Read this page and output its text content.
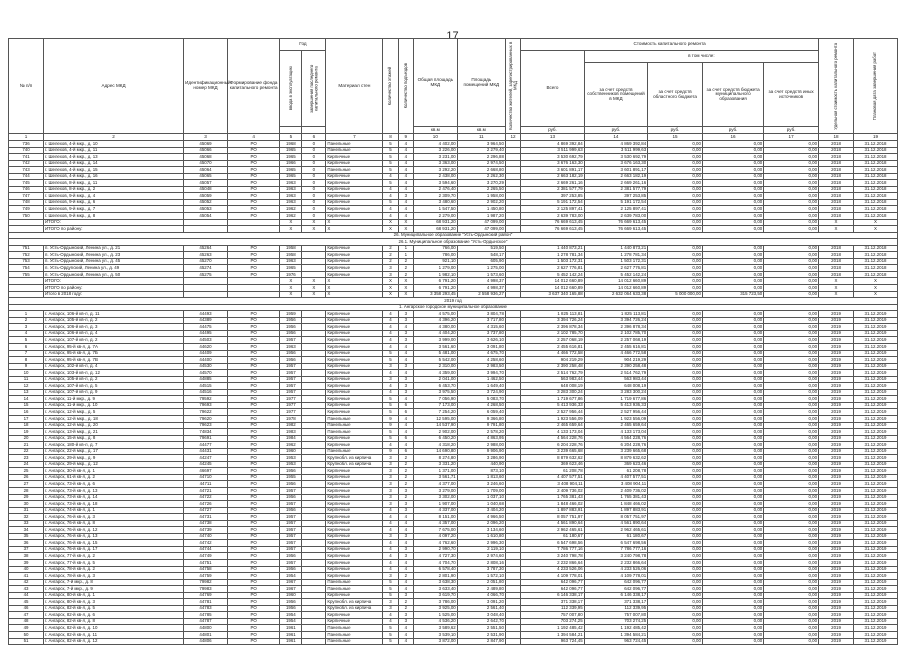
17
№ п/п	Адрес МКД	Идентификационный номер МКД	Формирование фонда капитального ремонта	Год		Материал стен	Количество этажей	Количество подъездов	Общая площадь МКД	Площадь помещений МКД	Количество жителей, зарегистрированных в МКД	Стоимость капитального ремонта					Удельная стоимость капитального ремонта	Плановая дата завершения работ

				ввода в эксплуатацию	завершения последнего капитального ремонта							Всего	в том числе:					
													за счет средств собственников помещений в МКД	за счет средств областного бюджета	за счет средств бюджета муниципального образования	за счет средств иных источников		
									кв.м	кв.м		руб.	руб.	руб.	руб.	руб.		
1	2	3	4	5	6	7	8	9	10	11	12	13	14	15	16	17	18	19
736	г. Шелехов, 4-й мкр., д. 10	45069	РО	1968	0	Панельные	5	4	4 402,00	3 964,50		4 869 392,84	4 869 392,84	0,00	0,00	0,00	2018	31.12.2018
740	г. Шелехов, 4-й мкр., д. 11	45066	РО	1965	0	Панельные	5	4	3 226,00	2 279,40		3 511 999,63	3 511 999,63	0,00	0,00	0,00	2018	31.12.2018
741	г. Шелехов, 4-й мкр., д. 13	45068	РО	1965	0	Кирпичные	5	4	3 231,00	2 296,88		3 530 692,79	3 530 692,79	0,00	0,00	0,00	2018	31.12.2018
742	г. Шелехов, 4-й мкр., д. 14	45070	РО	1966	0	Кирпичные	5	4	3 363,00	2 974,50		3 676 163,30	3 676 163,30	0,00	0,00	0,00	2018	31.12.2018
743	г. Шелехов, 4-й мкр., д. 15	45064	РО	1965	0	Панельные	5	4	3 292,20	2 668,80		3 601 891,17	3 601 891,17	0,00	0,00	0,00	2018	31.12.2018
744	г. Шелехов, 4-й мкр., д. 16	45065	РО	1965	0	Кирпичные	4	4	2 438,00	2 262,30		2 663 182,19	2 663 182,19	0,00	0,00	0,00	2018	31.12.2018
745	г. Шелехов, 8-й мкр., д. 11	45057	РО	1963	0	Кирпичные	5	4	3 594,60	3 270,29		2 669 261,16	2 669 261,16	0,00	0,00	0,00	2018	31.12.2018
746	г. Шелехов, 8-й мкр., д. 2	45048	РО	1963	0	Кирпичные	4	4	2 476,40	2 265,50		2 381 577,79	2 381 577,79	0,00	0,00	0,00	2018	31.12.2018
747	г. Шелехов, 9-й мкр., д. 4	45059	РО	1963	0	Кирпичные	4	3	2 309,70	1 958,00		397 253,85	397 253,85	0,00	0,00	0,00	2018	31.12.2018
748	г. Шелехов, 9-й мкр., д. 6	45052	РО	1963	0	Кирпичные	5	4	3 480,60	2 902,20		5 191 172,54	5 191 172,54	0,00	0,00	0,00	2018	31.12.2018
749	г. Шелехов, 9-й мкр., д. 7	45053	РО	1962	0	Кирпичные	4	4	1 547,50	1 450,80		2 125 897,41	2 125 897,41	0,00	0,00	0,00	2018	31.12.2018
750	г. Шелехов, 9-й мкр., д. 8	45054	РО	1962	0	Кирпичные	4	4	2 279,00	1 987,20		2 639 783,00	2 639 783,00	0,00	0,00	0,00	2018	31.12.2018
	ИТОГО:			X	X	X	X	X	68 931,20	47 099,00		76 669 613,45	76 669 613,45	0,00	0,00	0,00	X	X
	ИТОГО по району:			X	X	X	X	X	68 931,20	47 099,00		76 669 613,45	76 669 613,45	0,00	0,00	0,00	X	X
26. Муниципальное образование "Усть-Ордынский район"																		
26.1. Муниципальное образование "Усть-Ордынское"																		
751	п. Усть-Ордынский, Ленина ул., д. 21	45264	РО	1958		Кирпичные	2	1	766,00	519,50		1 440 873,21	1 440 873,21	0,00	0,00	0,00	2018	31.12.2018
752	п. Усть-Ордынский, Ленина ул., д. 23	45263	РО	1958		Кирпичные	2	1	786,00	548,17		1 278 781,34	1 278 781,34	0,00	0,00	0,00	2018	31.12.2018
753	п. Усть-Ордынский, Ленина ул., д. 45	45270	РО	1963		Кирпичные	2	2	921,10	605,90		1 503 172,31	1 503 172,31	0,00	0,00	0,00	2018	31.12.2018
754	п. Усть-Ордynский, Ленина ул., д. 49	45274	РО	1965		Кирпичные	3	2	1 279,00	1 275,00		2 627 776,81	2 627 776,81	0,00	0,00	0,00	2018	31.12.2018
755	п. Усть-Ордынский, Ленина ул., д. 50	45275	РО	1976		Кирпичные	3	2	1 982,10	1 573,60		5 452 142,24	5 452 142,24	0,00	0,00	0,00	2018	31.12.2018
	ИТОГО:			X	X	X	X	X	6 791,20	4 998,37		14 012 660,89	14 012 660,89	0,00	0,00	0,00	X	X
	ИТОГО по району:			X	X	X	X	X	6 791,20	4 998,37		14 012 660,89	14 012 660,89	0,00	0,00	0,00	X	X
	Итого в 2018 году:			X	X	X	X	X	3 358 293,45	2 558 936,27		3 637 340 165,88	2 632 064 633,38	5 000 000,00	315 723,50	0,00	X	X
2019 год																		
1. Ангарское городское муниципальное образование																		
1	г. Ангарск, 106-й кв-л, д. 11	44493	РО	1959		Кирпичные	4	3	4 575,00	3 804,78		1 825 113,81	1 825 113,81	0,00	0,00	0,00	2019	31.12.2019
2	г. Ангарск, 105-й кв-л, д. 2	44389	РО	1956		Кирпичные	4	3	4 396,20	3 717,80		3 394 726,24	3 394 726,24	0,00	0,00	0,00	2019	31.12.2019
3	г. Ангарск, 106-й кв-л, д. 3	44475	РО	1956		Кирпичные	4	4	4 380,00	4 315,60		2 396 878,34	2 396 878,34	0,00	0,00	0,00	2019	31.12.2019
4	г. Ангарск, 106-й кв-л, д. 4	44495	РО	1956		Кирпичные	4	3	4 404,20	3 737,80		2 102 785,70	2 102 785,70	0,00	0,00	0,00	2019	31.12.2019
5	г. Ангарск, 107-й кв-л, д. 2	44503	РО	1957		Кирпичные	4	3	3 999,00	3 626,10		2 257 068,19	2 257 068,19	0,00	0,00	0,00	2019	31.12.2019
6	г. Ангарск, 95-й кв-л, д. 7А	44620	РО	1963		Кирпичные	4	4	3 561,60	3 091,80		2 455 616,81	2 455 616,81	0,00	0,00	0,00	2019	31.12.2019
7	г. Ангарск, 95-й кв-л, д. 7Б	44409	РО	1956		Кирпичные	5	4	5 481,00	4 675,70		4 466 772,58	4 466 772,58	0,00	0,00	0,00	2019	31.12.2019
8	г. Ангарск, 95-й кв-л, д. 7В	44400	РО	1956		Кирпичные	5	4	5 542,00	4 258,60		904 219,29	904 219,29	0,00	0,00	0,00	2019	31.12.2019
9	г. Ангарск, 102-й кв-л, д. 4	44530	РО	1957		Кирпичные	3	3	2 310,00	2 983,50		2 390 258,48	2 390 258,48	0,00	0,00	0,00	2019	31.12.2019
10	г. Ангарск, 103-й кв-л, д. 12	44570	РО	1957		Кирпичные	4	4	4 359,00	3 994,70		2 514 762,79	2 514 762,79	0,00	0,00	0,00	2019	31.12.2019
11	г. Ангарск, 105-й кв-л, д. 2	44885	РО	1957		Кирпичные	3	3	2 041,00	1 462,50		563 983,44	563 983,44	0,00	0,00	0,00	2019	31.12.2019
12	г. Ангарск, 107-й кв-л, д. 5	44515	РО	1957		Кирпичные	4	3	6 453,70	1 649,40		648 008,19	648 008,19	0,00	0,00	0,00	2019	31.12.2019
13	г. Ангарск, 107-й кв-л, д. 9	44516	РО	1957		Кирпичные	4	3	3 975,50	3 724,90		3 283 300,24	3 283 300,24	0,00	0,00	0,00	2019	31.12.2019
14	г. Ангарск, 11-й мкр., д. 9	79592	РО	1977		Кирпичные	5	4	7 056,90	5 083,70		1 719 677,86	1 719 677,86	0,00	0,00	0,00	2019	31.12.2019
15	г. Ангарск, 11-й мкр., д. 10	79693	РО	1977		Кирпичные	5	6	7 173,00	4 268,50		5 413 936,33	5 413 936,33	0,00	0,00	0,00	2019	31.12.2019
16	г. Ангарск, 12-й мкр., д. 5	79622	РО	1977		Кирпичные	5	6	7 254,20	6 059,40		2 527 956,44	2 527 956,44	0,00	0,00	0,00	2019	31.12.2019
17	г. Ангарск, 12-й мкр., д. 18	79620	РО	1978		Панельные	9	4	12 595,00	9 366,80		1 923 556,09	1 923 556,09	0,00	0,00	0,00	2019	31.12.2019
18	г. Ангарск, 12-й мкр., д. 20	79623	РО	1982		Панельные	9	4	14 537,90	9 791,80		2 465 659,64	2 465 659,64	0,00	0,00	0,00	2019	31.12.2019
19	г. Ангарск, 13-й мкр., д. 21	74834	РО	1983		Панельные	5	4	2 902,00	2 578,20		4 133 173,04	4 133 173,04	0,00	0,00	0,00	2019	31.12.2019
20	г. Ангарск, 15-й мкр., д. 8	79691	РО	1984		Кирпичные	5	6	6 450,20	4 863,95		4 564 228,76	4 564 228,76	0,00	0,00	0,00	2019	31.12.2019
21	г. Ангарск, 180-й кв-л, д. 7	44477	РО	1962		Кирпичные	4	4	4 318,20	2 988,00		6 204 228,76	6 204 228,76	0,00	0,00	0,00	2019	31.12.2019
22	г. Ангарск, 22-й мкр., д. 17	44431	РО	1960		Панельные	9	6	14 690,80	9 906,90		3 239 665,68	3 239 665,68	0,00	0,00	0,00	2019	31.12.2019
23	г. Ангарск, 29-й мкр., д. 9	44247	РО	1953		Крупнобл. из кирпича	3	2	8 274,80	3 286,90		8 879 632,62	8 879 632,62	0,00	0,00	0,00	2019	31.12.2019
24	г. Ангарск, 29-й мкр., д. 12	44245	РО	1953		Крупнобл. из кирпича	3	2	3 331,20	440,90		369 623,46	369 623,46	0,00	0,00	0,00	2019	31.12.2019
25	г. Ангарск, 30-й кв-л, д. 1	46697	РО	1956		Кирпичные	3	2	1 371,00	873,10		61 208,78	61 208,78	0,00	0,00	0,00	2019	31.12.2019
26	г. Ангарск, 61-й кв-л, д. 2	44710	РО	1955		Кирпичные	3	2	3 561,71	1 813,60		4 407 577,51	4 407 577,51	0,00	0,00	0,00	2019	31.12.2019
27	г. Ангарск, 73-й кв-л, д. 6	44711	РО	1956		Кирпичные	3	2	4 377,00	3 246,60		3 408 904,11	3 408 904,11	0,00	0,00	0,00	2019	31.12.2019
28	г. Ангарск, 73-й кв-л, д. 13	44721	РО	1957		Кирпичные	3	3	3 279,00	1 709,00		2 409 736,02	2 409 736,02	0,00	0,00	0,00	2019	31.12.2019
29	г. Ангарск, 73-й кв-л, д. 14	44722	РО	1956		Кирпичные	3	2	3 302,00	1 037,10		1 765 381,43	1 765 381,43	0,00	0,00	0,00	2019	31.12.2019
30	г. Ангарск, 73-й кв-л, д. 18	44726	РО	1957		Кирпичные	3	3	1 907,00	1 040,68		1 848 466,02	1 848 466,02	0,00	0,00	0,00	2019	31.12.2019
31	г. Ангарск, 74-й кв-л, д. 1	44727	РО	1956		Кирпичные	4	3	4 337,00	3 404,20		1 897 883,91	1 897 883,91	0,00	0,00	0,00	2019	31.12.2019
32	г. Ангарск, 76-й кв-л, д. 3	44731	РО	1957		Кирпичные	4	4	8 151,00	4 966,50		8 057 751,97	8 057 751,97	0,00	0,00	0,00	2019	31.12.2019
33	г. Ангарск, 76-й кв-л, д. 8	44738	РО	1957		Кирпичные	4	4	4 357,00	2 096,20		4 561 890,64	4 561 890,64	0,00	0,00	0,00	2019	31.12.2019
34	г. Ангарск, 76-й кв-л, д. 12	44739	РО	1957		Кирпичные	4	4	7 675,00	3 134,60		2 962 465,61	2 962 465,61	0,00	0,00	0,00	2019	31.12.2019
35	г. Ангарск, 76-й кв-л, д. 13	44740	РО	1957		Кирпичные	3	3	4 097,20	1 610,80		61 180,67	61 180,67	0,00	0,00	0,00	2019	31.12.2019
36	г. Ангарск, 76-й кв-л, д. 15	44742	РО	1957		Кирпичные	4	4	4 762,60	2 996,30		6 547 698,56	6 547 698,56	0,00	0,00	0,00	2019	31.12.2019
37	г. Ангарск, 76-й кв-л, д. 17	44744	РО	1957		Кирпичные	4	3	2 990,70	2 119,10		7 786 777,16	7 786 777,16	0,00	0,00	0,00	2019	31.12.2019
38	г. Ангарск, 77-й кв-л, д. 2	44749	РО	1956		Кирпичные	4	3	4 727,30	2 974,60		3 240 798,78	3 240 798,78	0,00	0,00	0,00	2019	31.12.2019
39	г. Ангарск, 77-й кв-л, д. 5	44751	РО	1957		Кирпичные	4	4	4 704,70	2 808,16		2 232 866,64	2 232 866,64	0,00	0,00	0,00	2019	31.12.2019
40	г. Ангарск, 78-й кв-л, д. 2	44758	РО	1956		Кирпичные	4	4	6 578,40	3 787,30		4 233 526,06	4 233 526,06	0,00	0,00	0,00	2019	31.12.2019
41	г. Ангарск, 78-й кв-л, д. 3	44759	РО	1954		Кирпичные	3	2	2 801,90	1 572,10		4 109 778,01	4 109 778,01	0,00	0,00	0,00	2019	31.12.2019
42	г. Ангарск, 7-й мкр., д. 8	79982	РО	1967		Панельные	5	4	3 638,30	2 051,80		642 096,77	642 096,77	0,00	0,00	0,00	2019	31.12.2019
43	г. Ангарск, 7-й мкр., д. 9	79983	РО	1967		Панельные	5	4	3 633,40	2 489,80		642 096,77	642 096,77	0,00	0,00	0,00	2019	31.12.2019
44	г. Ангарск, 80-й кв-л, д. 1	44769	РО	1960		Кирпичные	5	3	3 619,70	4 066,70		6 146 338,17	6 146 338,17	0,00	0,00	0,00	2019	31.12.2019
45	г. Ангарск, 80-й кв-л, д. 3	44781	РО	1956		Крупнобл. из кирпича	3	2	3 786,00	3 091,20		371 338,17	371 338,17	0,00	0,00	0,00	2019	31.12.2019
46	г. Ангарск, 82-й кв-л, д. 5	44783	РО	1956		Крупнобл. из кирпича	3	2	3 925,00	2 561,40		112 339,95	112 339,95	0,00	0,00	0,00	2019	31.12.2019
47	г. Ангарск, 82-й кв-л, д. 6	44785	РО	1954		Кирпичные	4	3	1 525,00	3 048,40		757 007,80	757 007,80	0,00	0,00	0,00	2019	31.12.2019
48	г. Ангарск, 82-й кв-л, д. 8	44787	РО	1954		Кирпичные	4	3	4 536,20	2 642,70		703 274,25	703 274,25	0,00	0,00	0,00	2019	31.12.2019
49	г. Ангарск, 82-й кв-л, д. 10	44800	РО	1961		Панельные	5	4	3 589,62	2 551,50		1 192 485,42	1 192 485,42	0,00	0,00	0,00	2019	31.12.2019
50	г. Ангарск, 82-й кв-л, д. 11	44801	РО	1961		Панельные	5	4	3 539,10	2 531,90		1 394 584,21	1 394 584,21	0,00	0,00	0,00	2019	31.12.2019
51	г. Ангарск, 82-й кв-л, д. 12	44806	РО	1961		Панельные	5	4	3 872,00	2 847,90		963 724,45	963 724,45	0,00	0,00	0,00	2019	31.12.2019
